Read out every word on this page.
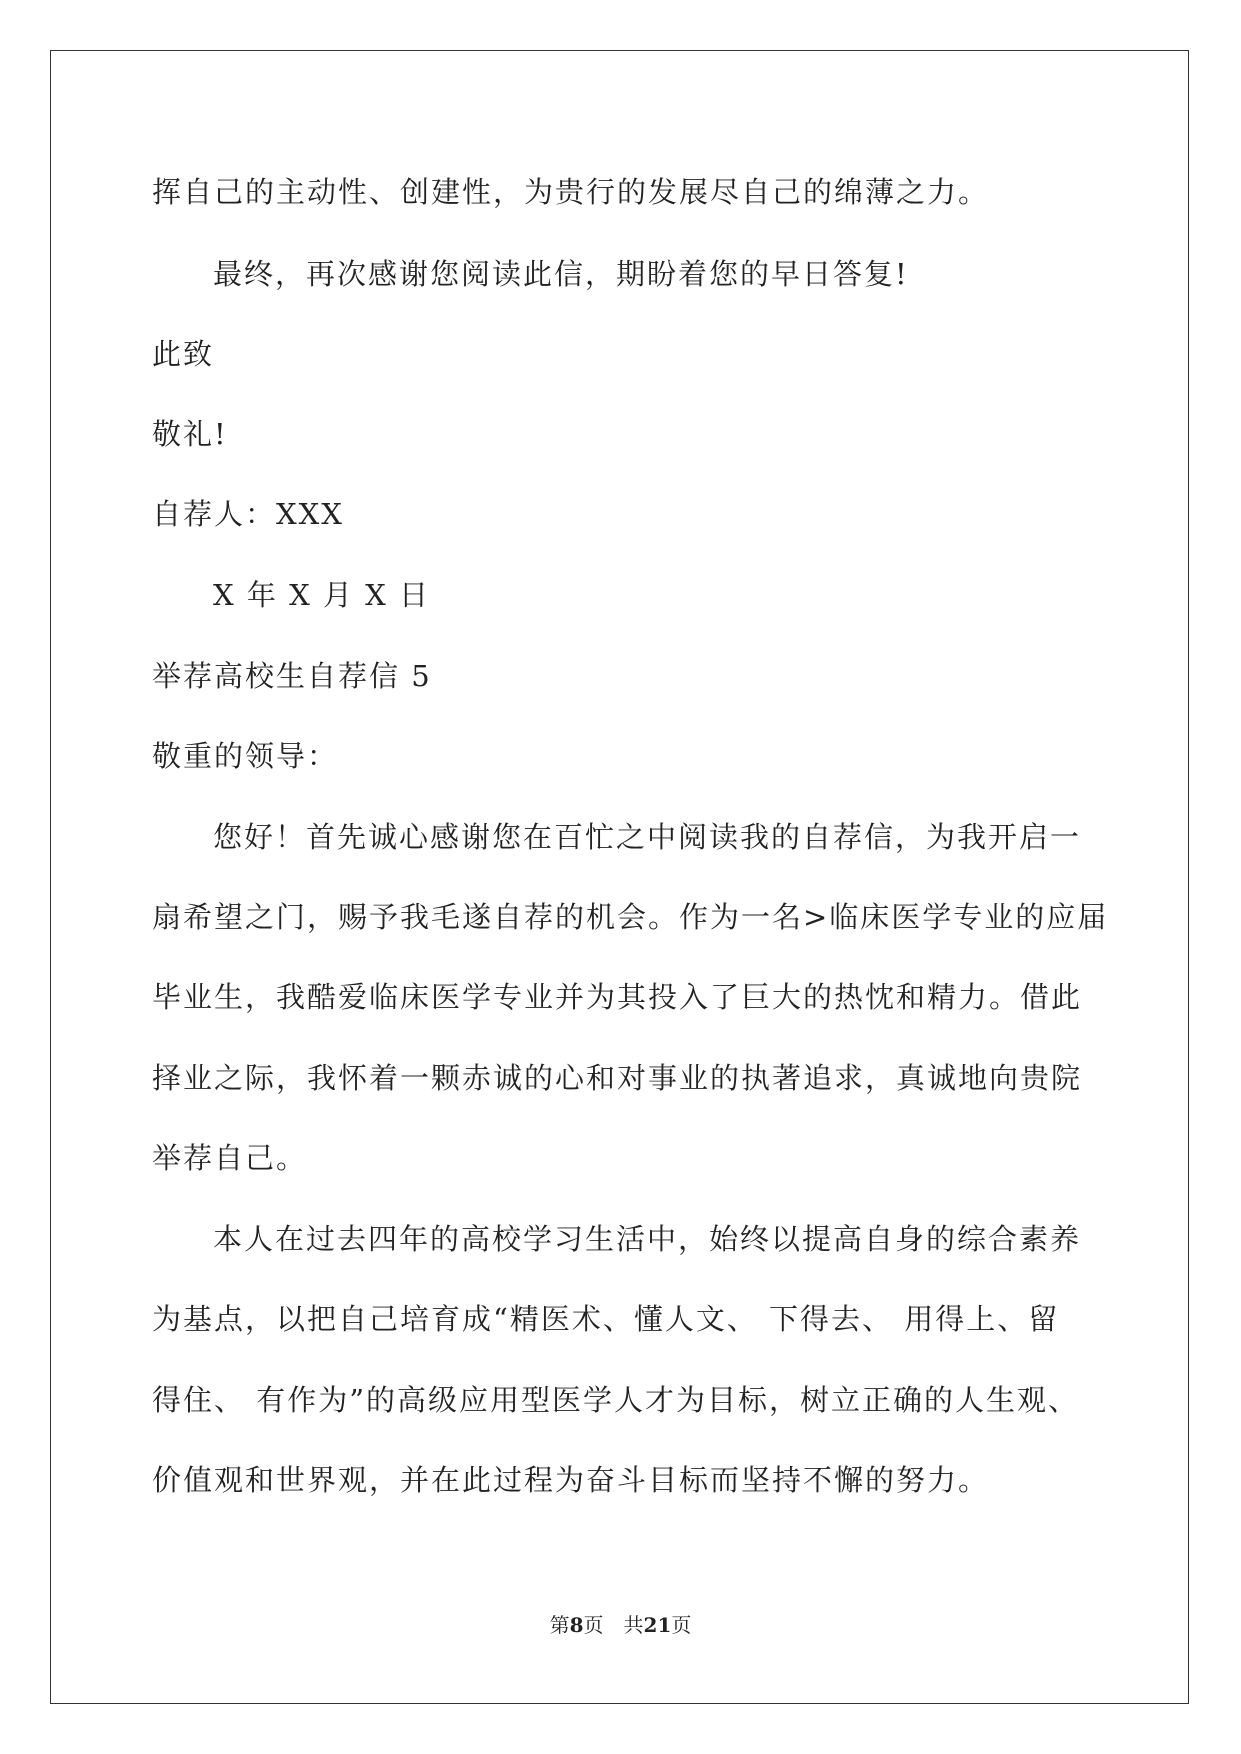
挥自己的主动性、创建性，为贵行的发展尽自己的绵薄之力。
最终，再次感谢您阅读此信，期盼着您的早日答复!
此致
敬礼!
自荐人：XXX
X 年 X 月 X 日
举荐高校生自荐信 5
敬重的领导：
您好！首先诚心感谢您在百忙之中阅读我的自荐信，为我开启一
扇希望之门，赐予我毛遂自荐的机会。作为一名>临床医学专业的应届
毕业生，我酷爱临床医学专业并为其投入了巨大的热忱和精力。借此
择业之际，我怀着一颗赤诚的心和对事业的执著追求，真诚地向贵院
举荐自己。
本人在过去四年的高校学习生活中，始终以提高自身的综合素养
为基点，以把自己培育成“精医术、懂人文、 下得去、 用得上、留
得住、 有作为”的高级应用型医学人才为目标，树立正确的人生观、
价值观和世界观，并在此过程为奋斗目标而坚持不懈的努力。
第8页 共21页
